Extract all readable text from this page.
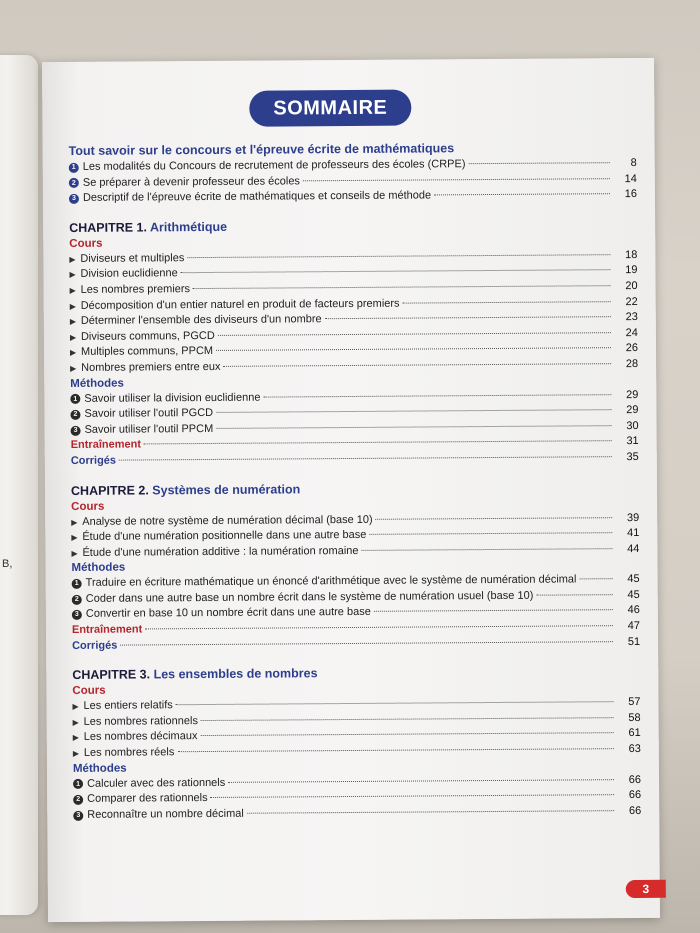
B,
SOMMAIRE
Tout savoir sur le concours et l'épreuve écrite de mathématiques
1 Les modalités du Concours de recrutement de professeurs des écoles (CRPE)	8
2 Se préparer à devenir professeur des écoles	14
3 Descriptif de l'épreuve écrite de mathématiques et conseils de méthode	16
CHAPITRE 1. Arithmétique
Cours
▶ Diviseurs et multiples	18
▶ Division euclidienne	19
▶ Les nombres premiers	20
▶ Décomposition d'un entier naturel en produit de facteurs premiers	22
▶ Déterminer l'ensemble des diviseurs d'un nombre	23
▶ Diviseurs communs, PGCD	24
▶ Multiples communs, PPCM	26
▶ Nombres premiers entre eux	28
Méthodes
1 Savoir utiliser la division euclidienne	29
2 Savoir utiliser l'outil PGCD	29
3 Savoir utiliser l'outil PPCM	30
Entraînement	31
Corrigés	35
CHAPITRE 2. Systèmes de numération
Cours
▶ Analyse de notre système de numération décimal (base 10)	39
▶ Étude d'une numération positionnelle dans une autre base	41
▶ Étude d'une numération additive : la numération romaine	44
Méthodes
1 Traduire en écriture mathématique un énoncé d'arithmétique avec le système de numération décimal	45
2 Coder dans une autre base un nombre écrit dans le système de numération usuel (base 10)	45
3 Convertir en base 10 un nombre écrit dans une autre base	46
Entraînement	47
Corrigés	51
CHAPITRE 3. Les ensembles de nombres
Cours
▶ Les entiers relatifs	57
▶ Les nombres rationnels	58
▶ Les nombres décimaux	61
▶ Les nombres réels	63
Méthodes
1 Calculer avec des rationnels	66
2 Comparer des rationnels	66
3 Reconnaître un nombre décimal	66
3
